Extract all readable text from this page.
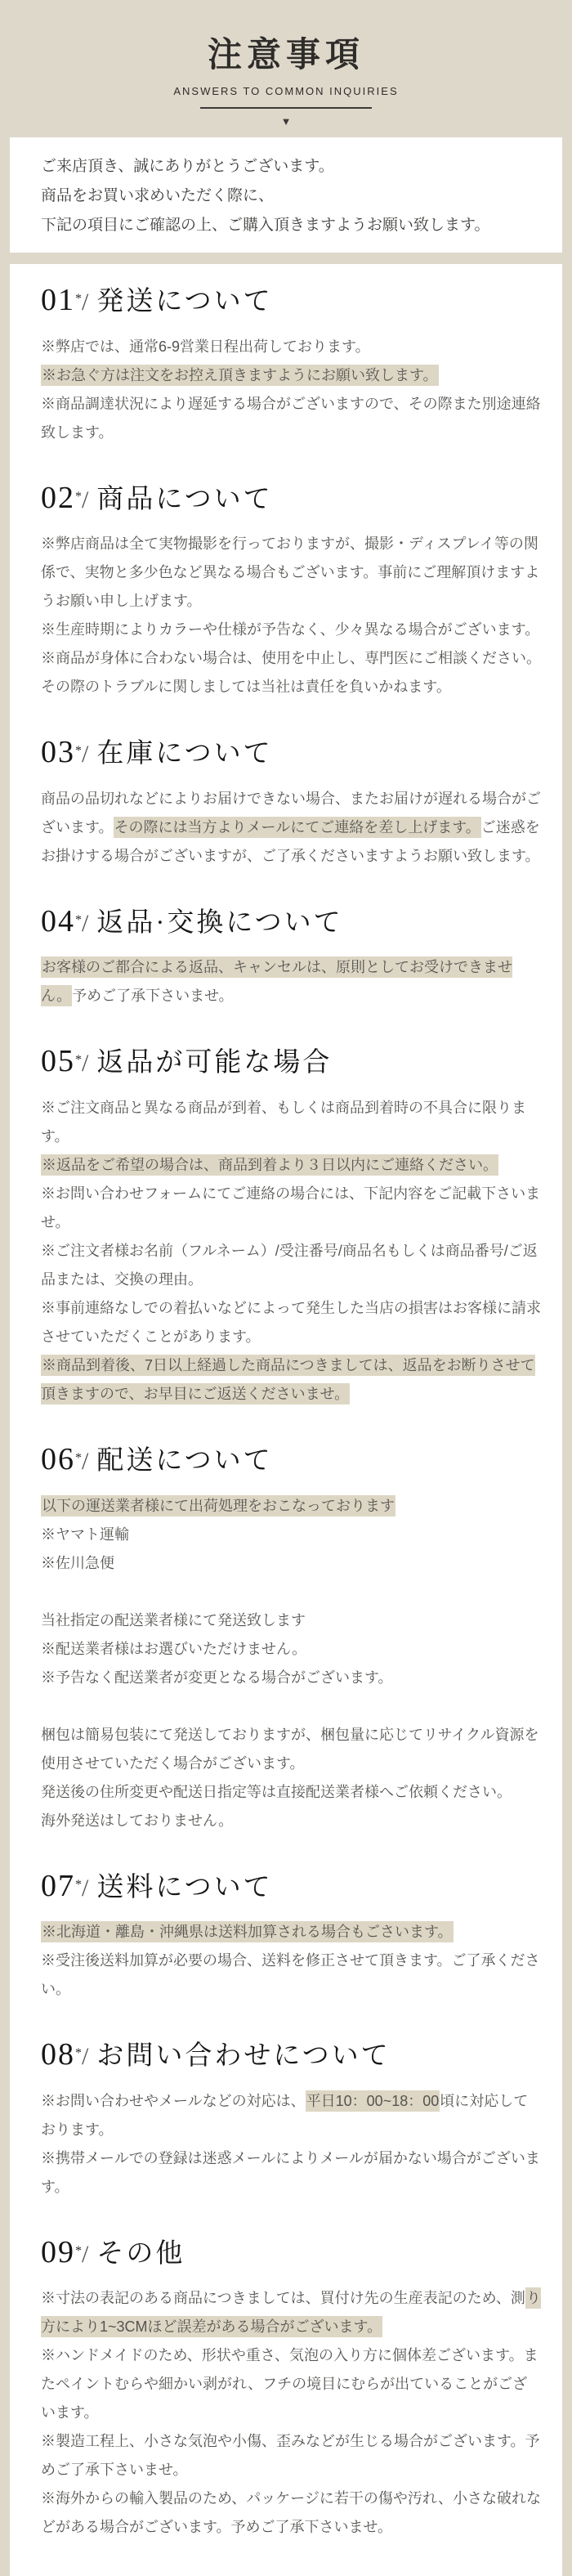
注意事項
ANSWERS TO COMMON INQUIRIES
▼

ご来店頂き、誠にありがとうございます。

商品をお買い求めいただく際に、

下記の項目にご確認の上、ご購入頂きますようお願い致します。

01*/ 発送について

※弊店では、通常6-9営業日程出荷しております。

※お急ぐ方は注文をお控え頂きますようにお願い致します。

※商品調達状況により遅延する場合がございますので、その際また別途連絡致します。

02*/ 商品について

※弊店商品は全て実物撮影を行っておりますが、撮影・ディスプレイ等の関係で、実物と多少色など異なる場合もございます。事前にご理解頂けますようお願い申し上げます。

※生産時期によりカラーや仕様が予告なく、少々異なる場合がございます。

※商品が身体に合わない場合は、使用を中止し、専門医にご相談ください。その際のトラブルに関しましては当社は責任を負いかねます。

03*/ 在庫について

商品の品切れなどによりお届けできない場合、またお届けが遅れる場合がございます。その際には当方よりメールにてご連絡を差し上げます。ご迷惑をお掛けする場合がございますが、ご了承くださいますようお願い致します。

04*/ 返品·交換について

お客様のご都合による返品、キャンセルは、原則としてお受けできません。予めご了承下さいませ。

05*/ 返品が可能な場合

※ご注文商品と異なる商品が到着、もしくは商品到着時の不具合に限ります。

※返品をご希望の場合は、商品到着より３日以内にご連絡ください。

※お問い合わせフォームにてご連絡の場合には、下記内容をご記載下さいませ。

※ご注文者様お名前（フルネーム）/受注番号/商品名もしくは商品番号/ご返品または、交換の理由。

※事前連絡なしでの着払いなどによって発生した当店の損害はお客様に請求させていただくことがあります。

※商品到着後、7日以上経過した商品につきましては、返品をお断りさせて頂きますので、お早目にご返送くださいませ。

06*/ 配送について

以下の運送業者様にて出荷処理をおこなっております

※ヤマト運輸

※佐川急便

当社指定の配送業者様にて発送致します

※配送業者様はお選びいただけません。

※予告なく配送業者が変更となる場合がございます。

梱包は簡易包装にて発送しておりますが、梱包量に応じてリサイクル資源を使用させていただく場合がございます。

発送後の住所変更や配送日指定等は直接配送業者様へご依頼ください。

海外発送はしておりません。

07*/ 送料について

※北海道・離島・沖縄県は送料加算される場合もごさいます。

※受注後送料加算が必要の場合、送料を修正させて頂きます。ご了承ください。

08*/ お問い合わせについて

※お問い合わせやメールなどの対応は、平日10：00~18：00頃に対応しております。

※携帯メールでの登録は迷惑メールによりメールが届かない場合がございます。

09*/ その他

※寸法の表記のある商品につきましては、買付け先の生産表記のため、測り方により1~3CMほど誤差がある場合がございます。

※ハンドメイドのため、形状や重さ、気泡の入り方に個体差ございます。またペイントむらや細かい剥がれ、フチの境目にむらが出ていることがございます。

※製造工程上、小さな気泡や小傷、歪みなどが生じる場合がございます。予めご了承下さいませ。

※海外からの輸入製品のため、パッケージに若干の傷や汚れ、小さな破れなどがある場合がございます。予めご了承下さいませ。
